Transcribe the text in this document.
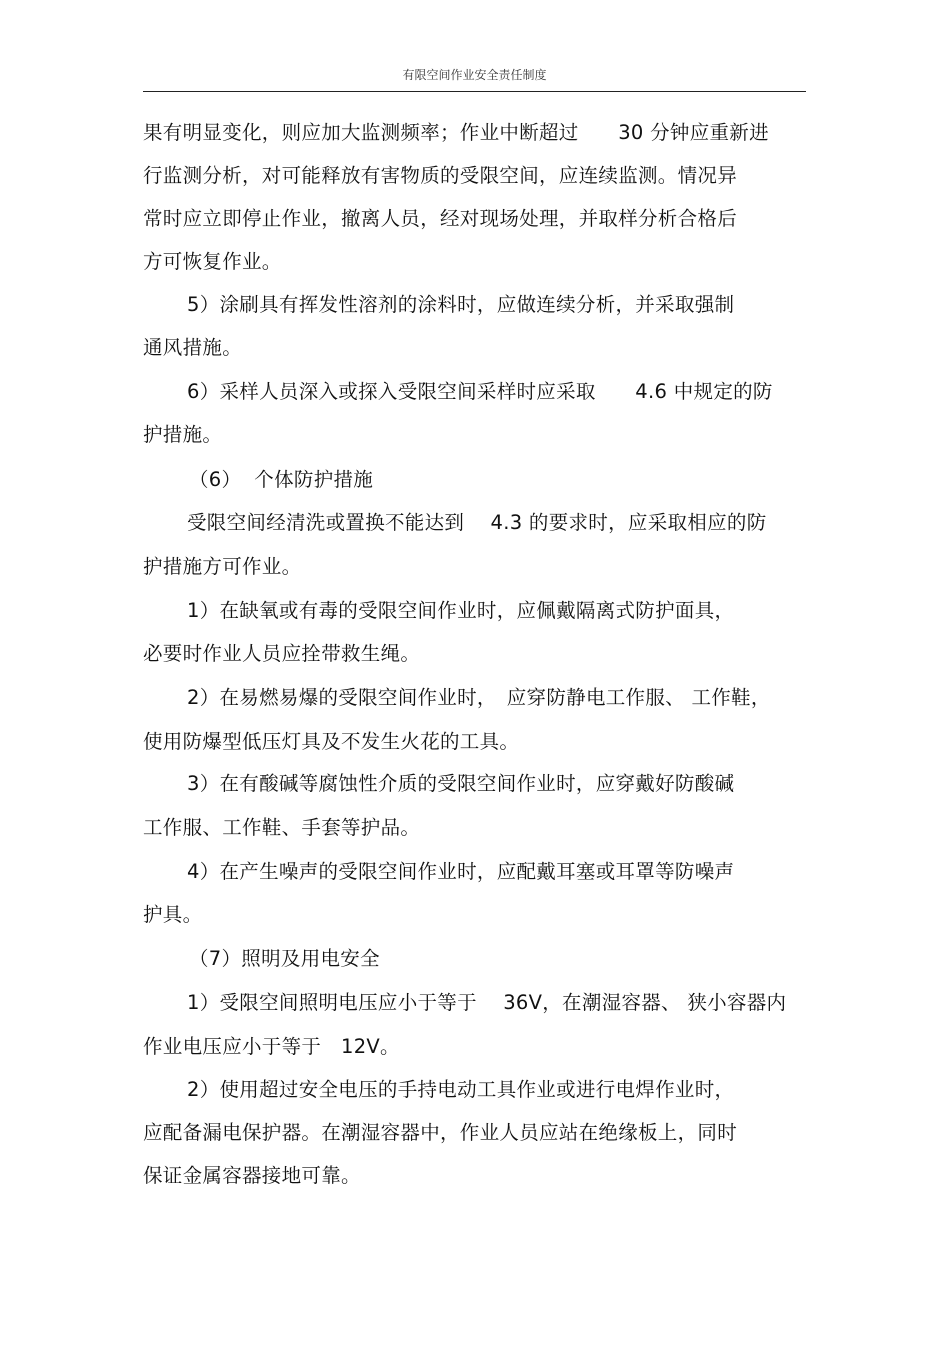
有限空间作业安全责任制度
果有明显变化，则应加大监测频率；作业中断超过　　30 分钟应重新进
行监测分析，对可能释放有害物质的受限空间，应连续监测。情况异
常时应立即停止作业，撤离人员，经对现场处理，并取样分析合格后
方可恢复作业。
5）涂刷具有挥发性溶剂的涂料时，应做连续分析，并采取强制
通风措施。
6）采样人员深入或探入受限空间采样时应采取　　4.6 中规定的防
护措施。
（6）  个体防护措施
受限空间经清洗或置换不能达到　 4.3 的要求时，应采取相应的防
护措施方可作业。
1）在缺氧或有毒的受限空间作业时，应佩戴隔离式防护面具，
必要时作业人员应拴带救生绳。
2）在易燃易爆的受限空间作业时，　应穿防静电工作服、 工作鞋，
使用防爆型低压灯具及不发生火花的工具。
3）在有酸碱等腐蚀性介质的受限空间作业时，应穿戴好防酸碱
工作服、工作鞋、手套等护品。
4）在产生噪声的受限空间作业时，应配戴耳塞或耳罩等防噪声
护具。
（7）照明及用电安全
1）受限空间照明电压应小于等于　 36V，在潮湿容器、 狭小容器内
作业电压应小于等于　12V。
2）使用超过安全电压的手持电动工具作业或进行电焊作业时，
应配备漏电保护器。在潮湿容器中，作业人员应站在绝缘板上，同时
保证金属容器接地可靠。
